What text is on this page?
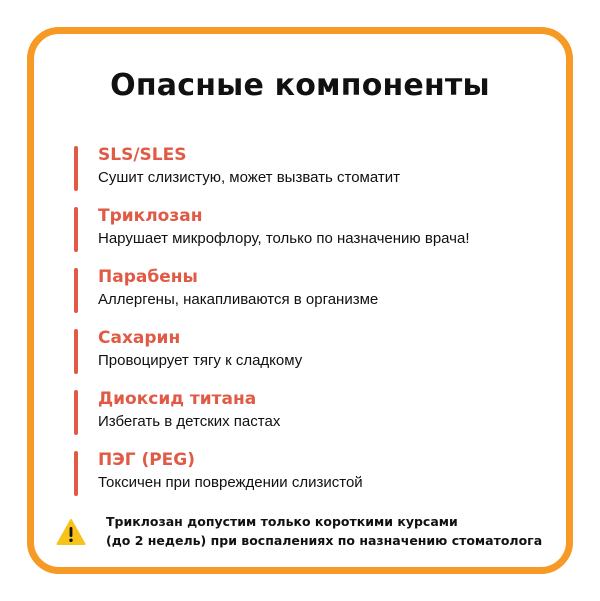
Опасные компоненты
SLS/SLES
Сушит слизистую, может вызвать стоматит
Триклозан
Нарушает микрофлору, только по назначению врача!
Парабены
Аллергены, накапливаются в организме
Сахарин
Провоцирует тягу к сладкому
Диоксид титана
Избегать в детских пастах
ПЭГ (PEG)
Токсичен при повреждении слизистой
Триклозан допустим только короткими курсами
(до 2 недель) при воспалениях по назначению стоматолога
